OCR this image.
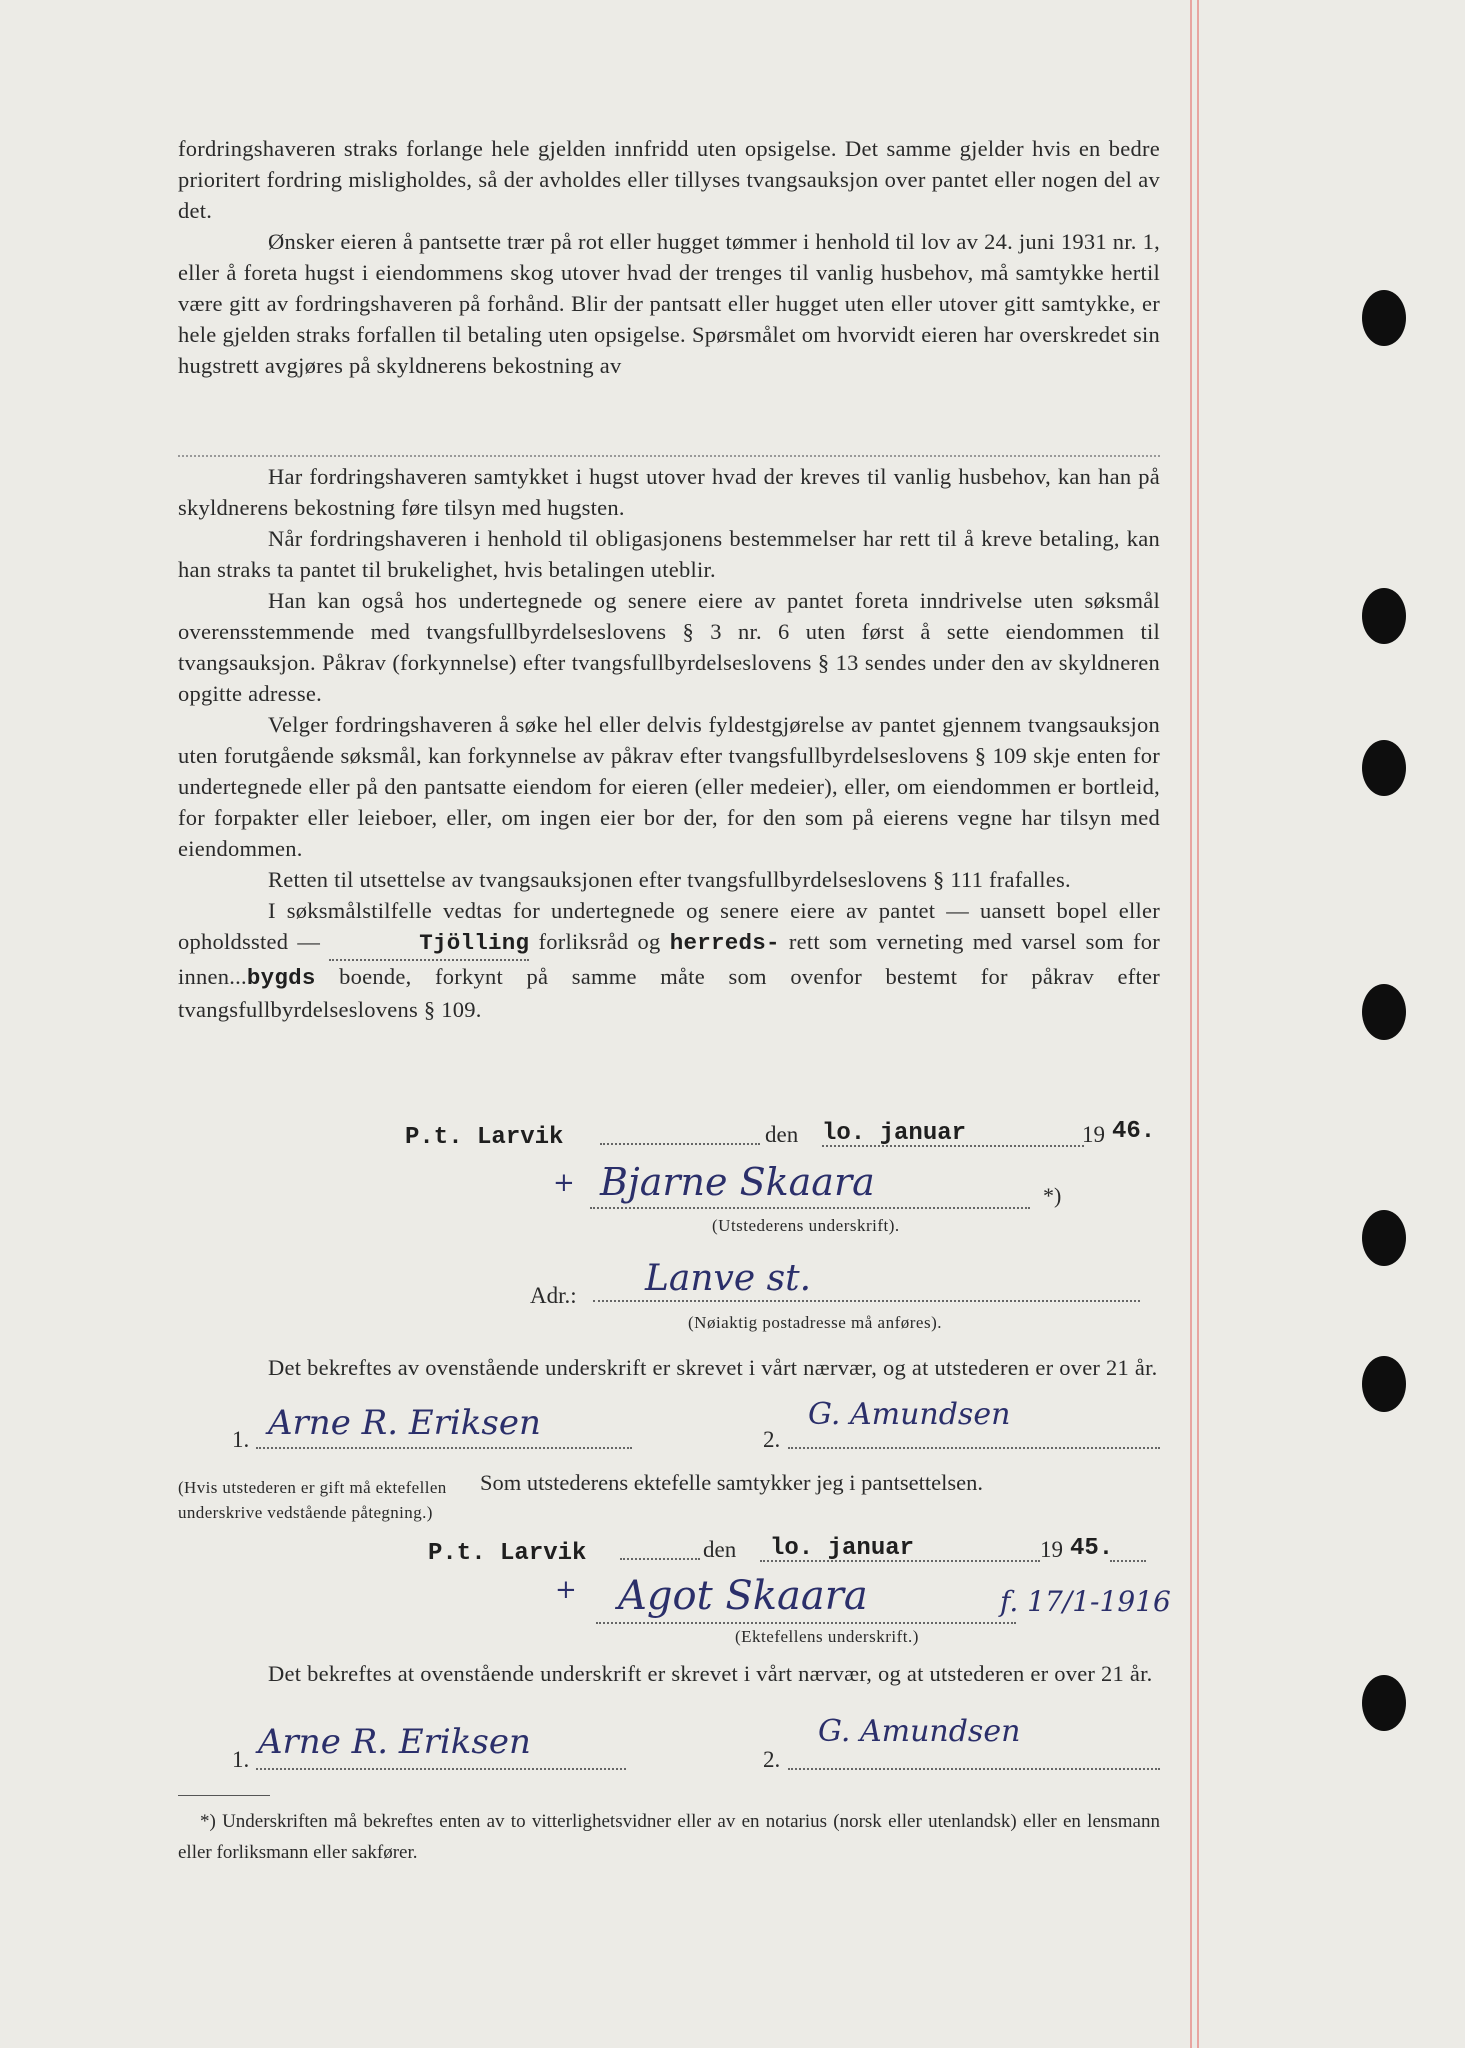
fordringshaveren straks forlange hele gjelden innfridd uten opsigelse. Det samme gjelder hvis en bedre prioritert fordring misligholdes, så der avholdes eller tillyses tvangsauksjon over pantet eller nogen del av det.

Ønsker eieren å pantsette trær på rot eller hugget tømmer i henhold til lov av 24. juni 1931 nr. 1, eller å foreta hugst i eiendommens skog utover hvad der trenges til vanlig husbehov, må samtykke hertil være gitt av fordringshaveren på forhånd. Blir der pantsatt eller hugget uten eller utover gitt samtykke, er hele gjelden straks forfallen til betaling uten opsigelse. Spørsmålet om hvorvidt eieren har overskredet sin hugstrett avgjøres på skyldnerens bekostning av

Har fordringshaveren samtykket i hugst utover hvad der kreves til vanlig husbehov, kan han på skyldnerens bekostning føre tilsyn med hugsten.

Når fordringshaveren i henhold til obligasjonens bestemmelser har rett til å kreve betaling, kan han straks ta pantet til brukelighet, hvis betalingen uteblir.

Han kan også hos undertegnede og senere eiere av pantet foreta inndrivelse uten søksmål overensstemmende med tvangsfullbyrdelseslovens § 3 nr. 6 uten først å sette eiendommen til tvangsauksjon. Påkrav (forkynnelse) efter tvangsfullbyrdelseslovens § 13 sendes under den av skyldneren opgitte adresse.

Velger fordringshaveren å søke hel eller delvis fyldestgjørelse av pantet gjennem tvangsauksjon uten forutgående søksmål, kan forkynnelse av påkrav efter tvangsfullbyrdelseslovens § 109 skje enten for undertegnede eller på den pantsatte eiendom for eieren (eller medeier), eller, om eiendommen er bortleid, for forpakter eller leieboer, eller, om ingen eier bor der, for den som på eierens vegne har tilsyn med eiendommen.

Retten til utsettelse av tvangsauksjonen efter tvangsfullbyrdelseslovens § 111 frafalles.

I søksmålstilfelle vedtas for undertegnede og senere eiere av pantet — uansett bopel eller opholdssted —	Tjölling forliksråd og herreds- rett som verneting med varsel som for innen...bygds boende, forkynt på samme måte som ovenfor bestemt for påkrav efter tvangsfullbyrdelseslovens § 109.

P.t. Larvik	den lo. januar	19 46.
+ Bjarne Skaara	*)
(Utstederens underskrift).
Adr.: Lanve st.
(Nøiaktig postadresse må anføres).

Det bekreftes av ovenstående underskrift er skrevet i vårt nærvær, og at utstederen er over 21 år.

1. Arne R. Eriksen	2.
G. Amundsen
(Hvis utstederen er gift må ektefellen underskrive vedstående påtegning.)
Som utstederens ektefelle samtykker jeg i pantsettelsen.
P.t. Larvik	den lo. januar	19 45.
+ Agot Skaara	f. 17/1-1916
(Ektefellens underskrift.)

Det bekreftes at ovenstående underskrift er skrevet i vårt nærvær, og at utstederen er over 21 år.

1. Arne R. Eriksen	2.
G. Amundsen

*) Underskriften må bekreftes enten av to vitterlighetsvidner eller av en notarius (norsk eller utenlandsk) eller en lensmann eller forliksmann eller sakfører.
